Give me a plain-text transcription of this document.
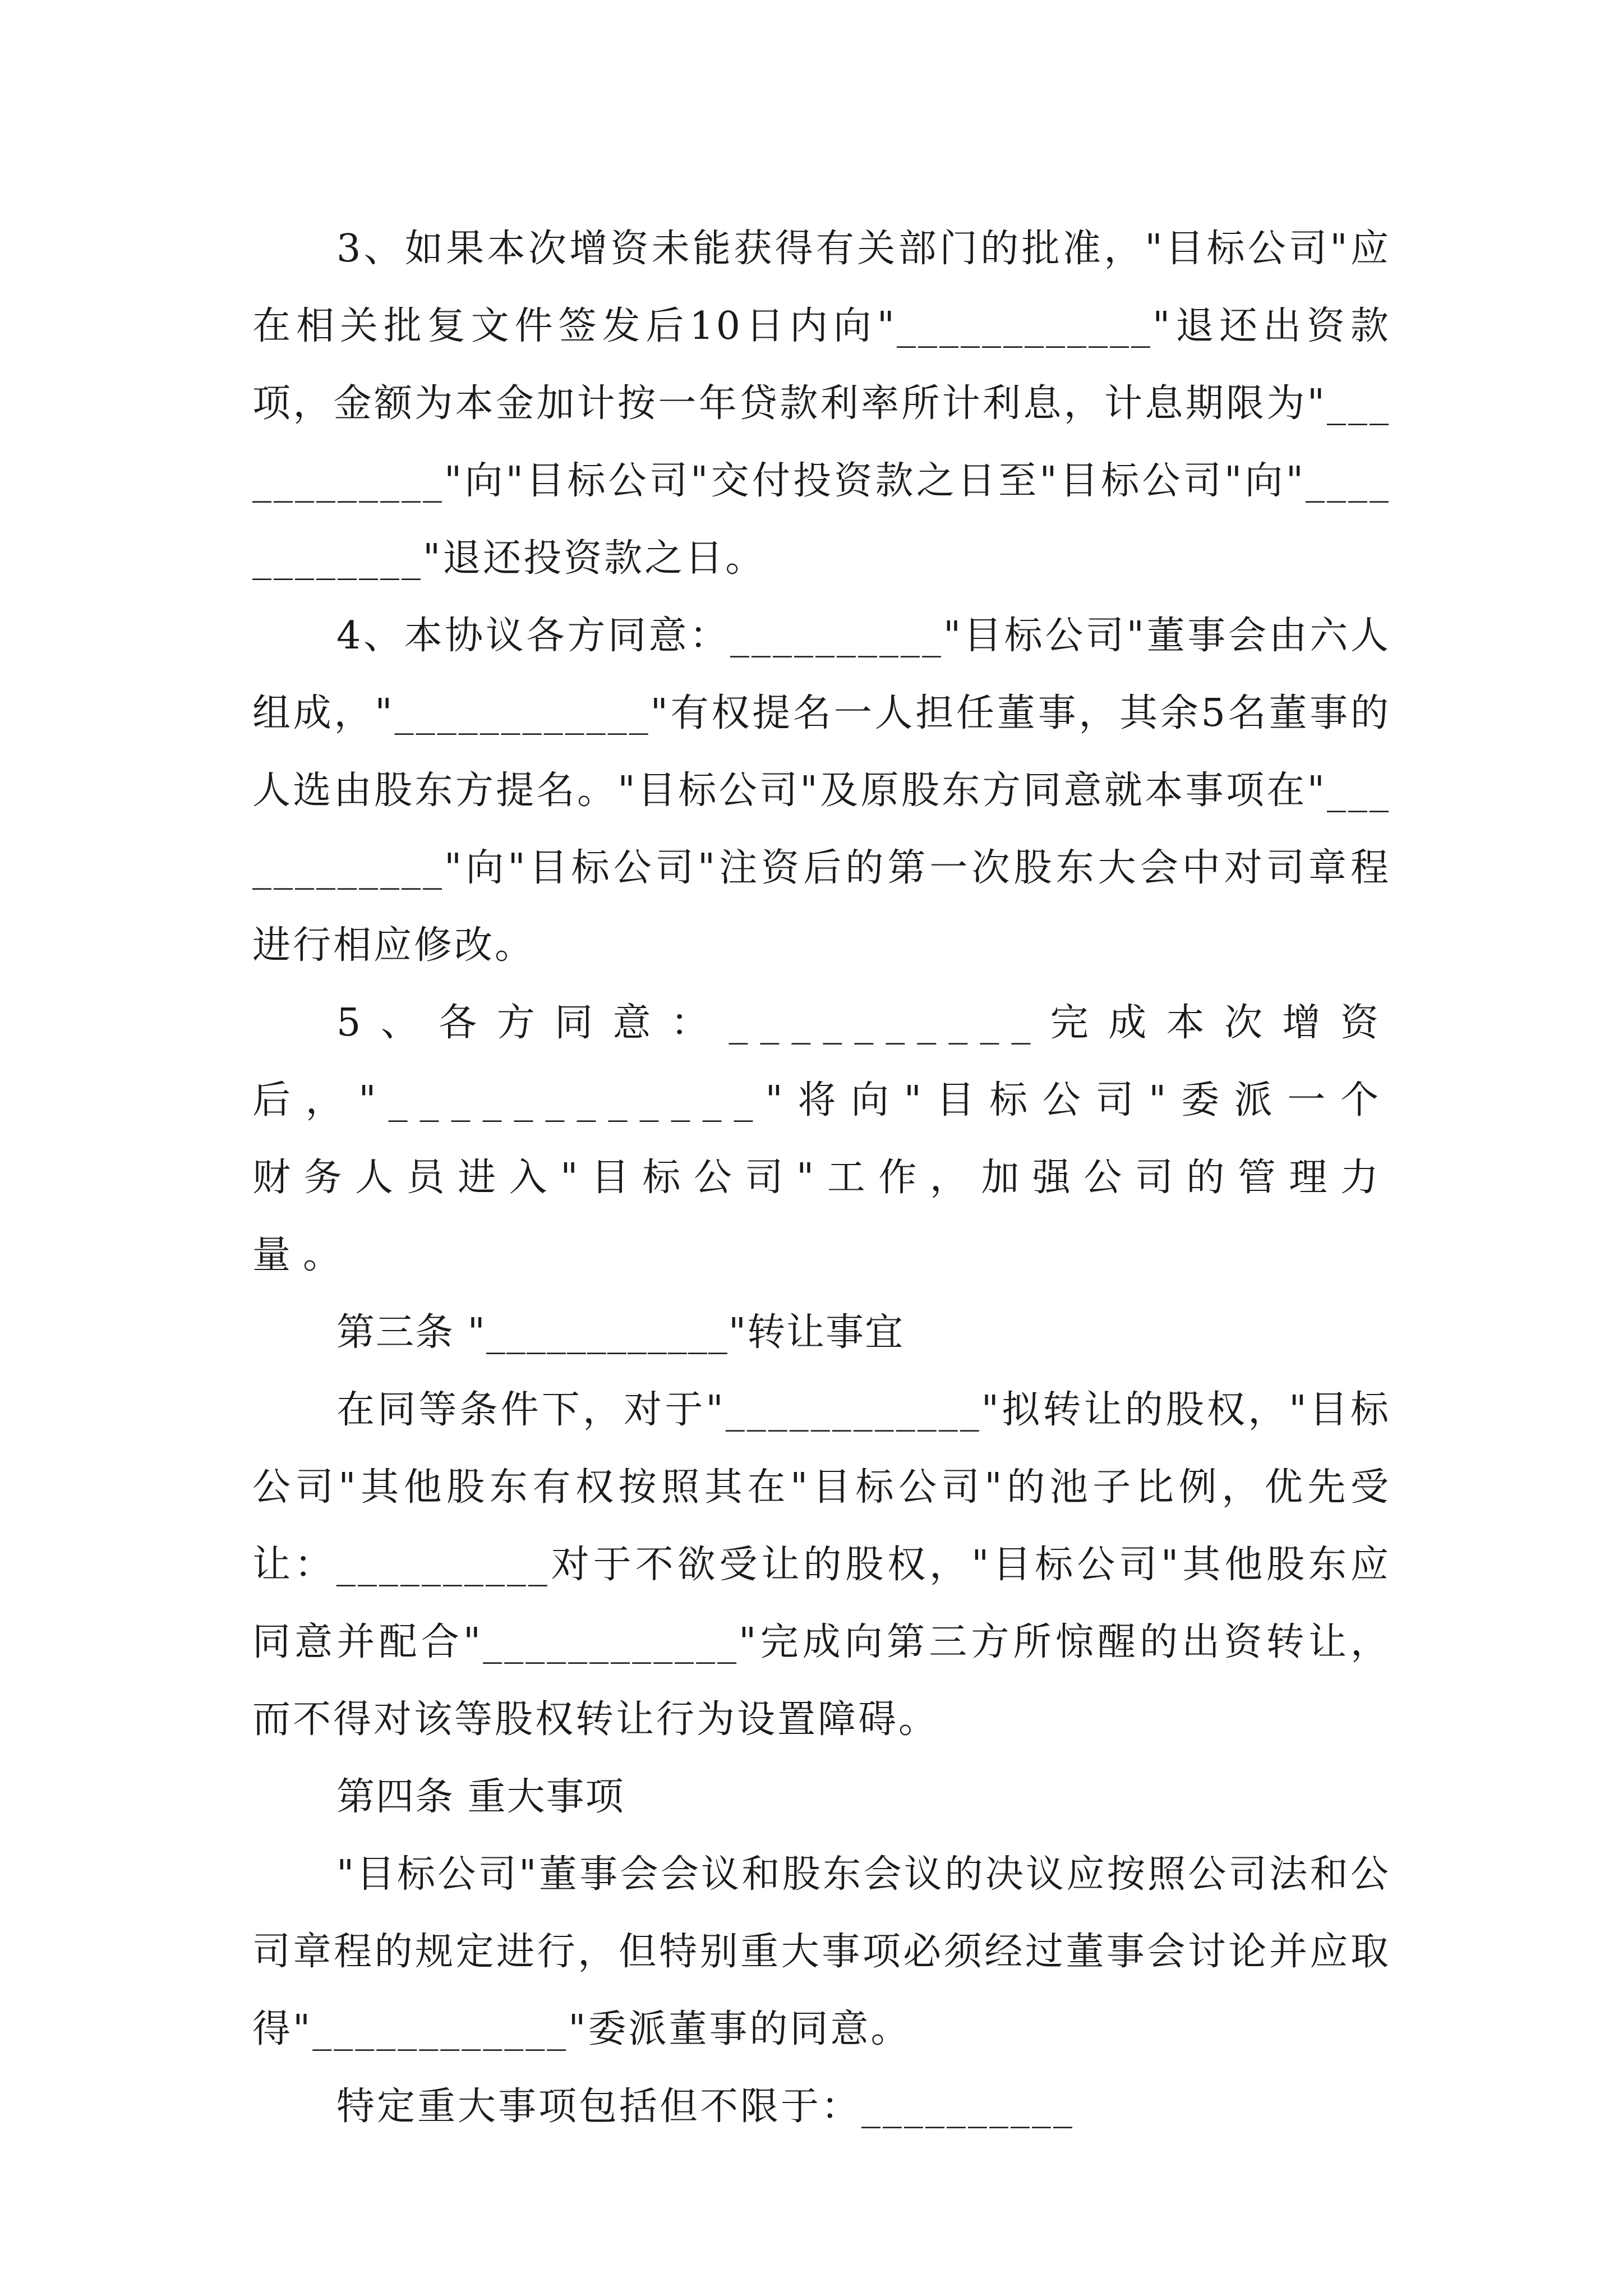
3、如果本次增资未能获得有关部门的批准，"目标公司"应在相关批复文件签发后10日内向"____________"退还出资款项，金额为本金加计按一年贷款利率所计利息，计息期限为"____________"向"目标公司"交付投资款之日至"目标公司"向"____________"退还投资款之日。

4、本协议各方同意：__________"目标公司"董事会由六人组成，"____________"有权提名一人担任董事，其余5名董事的人选由股东方提名。"目标公司"及原股东方同意就本事项在"____________"向"目标公司"注资后的第一次股东大会中对司章程进行相应修改。

5、各方同意：__________完成本次增资后，"____________"将向"目标公司"委派一个财务人员进入"目标公司"工作，加强公司的管理力量。

第三条 "____________"转让事宜

在同等条件下，对于"____________"拟转让的股权，"目标公司"其他股东有权按照其在"目标公司"的池子比例，优先受让：__________对于不欲受让的股权，"目标公司"其他股东应同意并配合"____________"完成向第三方所惊醒的出资转让，而不得对该等股权转让行为设置障碍。

第四条 重大事项

"目标公司"董事会会议和股东会议的决议应按照公司法和公司章程的规定进行，但特别重大事项必须经过董事会讨论并应取得"____________"委派董事的同意。

特定重大事项包括但不限于：__________
